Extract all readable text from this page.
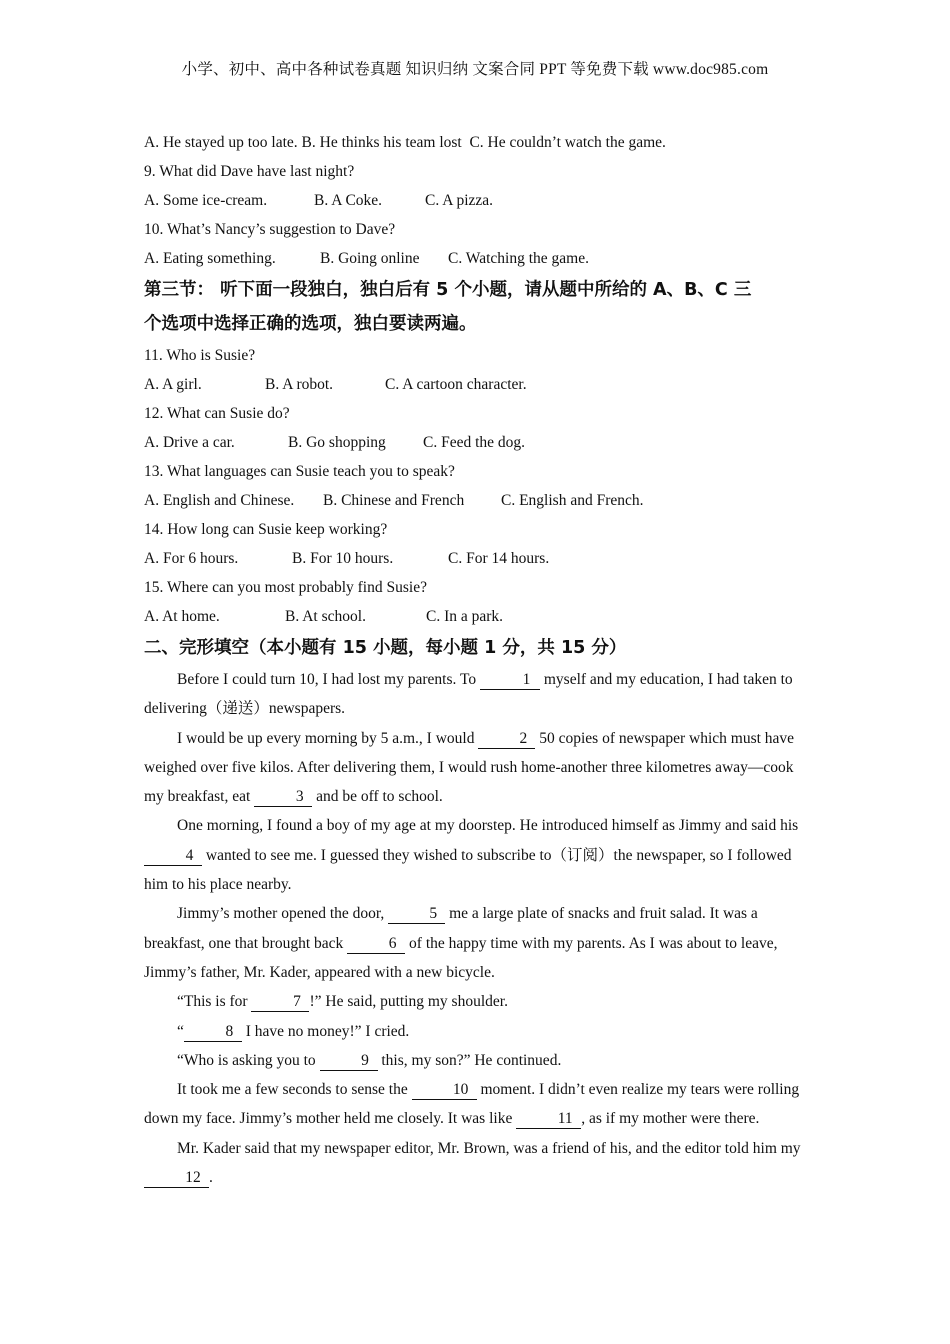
小学、初中、高中各种试卷真题 知识归纳 文案合同 PPT 等免费下载 www.doc985.com
A. He stayed up too late. B. He thinks his team lost C. He couldn’t watch the game.
9. What did Dave have last night?
A. Some ice-cream.	B. A Coke.	C. A pizza.
10. What’s Nancy’s suggestion to Dave?
A. Eating something.	B. Going online C. Watching the game.
第三节： 听下面一段独白，独白后有 5 个小题，请从题中所给的 A、B、C 三
个选项中选择正确的选项，独白要读两遍。
11. Who is Susie?
A. A girl.	B. A robot.	C. A cartoon character.
12. What can Susie do?
A. Drive a car.	B. Go shopping C. Feed the dog.
13. What languages can Susie teach you to speak?
A. English and Chinese. B. Chinese and French C. English and French.
14. How long can Susie keep working?
A. For 6 hours.	B. For 10 hours.	C. For 14 hours.
15. Where can you most probably find Susie?
A. At home.	B. At school.	C. In a park.
二、完形填空（本小题有 15 小题，每小题 1 分，共 15 分）

Before I could turn 10, I had lost my parents. To	1 myself and my education, I had taken to delivering（递送）newspapers.

I would be up every morning by 5 a.m., I would	2 50 copies of newspaper which must have weighed over five kilos. After delivering them, I would rush home-another three kilometres away—cook my breakfast, eat	3 and be off to school.

One morning, I found a boy of my age at my doorstep. He introduced himself as Jimmy and said his 4 wanted to see me. I guessed they wished to subscribe to（订阅）the newspaper, so I followed him to his place nearby.

Jimmy’s mother opened the door,	5 me a large plate of snacks and fruit salad. It was a breakfast, one that brought back	6 of the happy time with my parents. As I was about to leave, Jimmy’s father, Mr. Kader, appeared with a new bicycle.

“This is for	7 !” He said, putting my shoulder.

“	8 I have no money!” I cried.

“Who is asking you to	9 this, my son?” He continued.

It took me a few seconds to sense the	10 moment. I didn’t even realize my tears were rolling down my face. Jimmy’s mother held me closely. It was like	11 , as if my mother were there.

Mr. Kader said that my newspaper editor, Mr. Brown, was a friend of his, and the editor told him my 12 .
